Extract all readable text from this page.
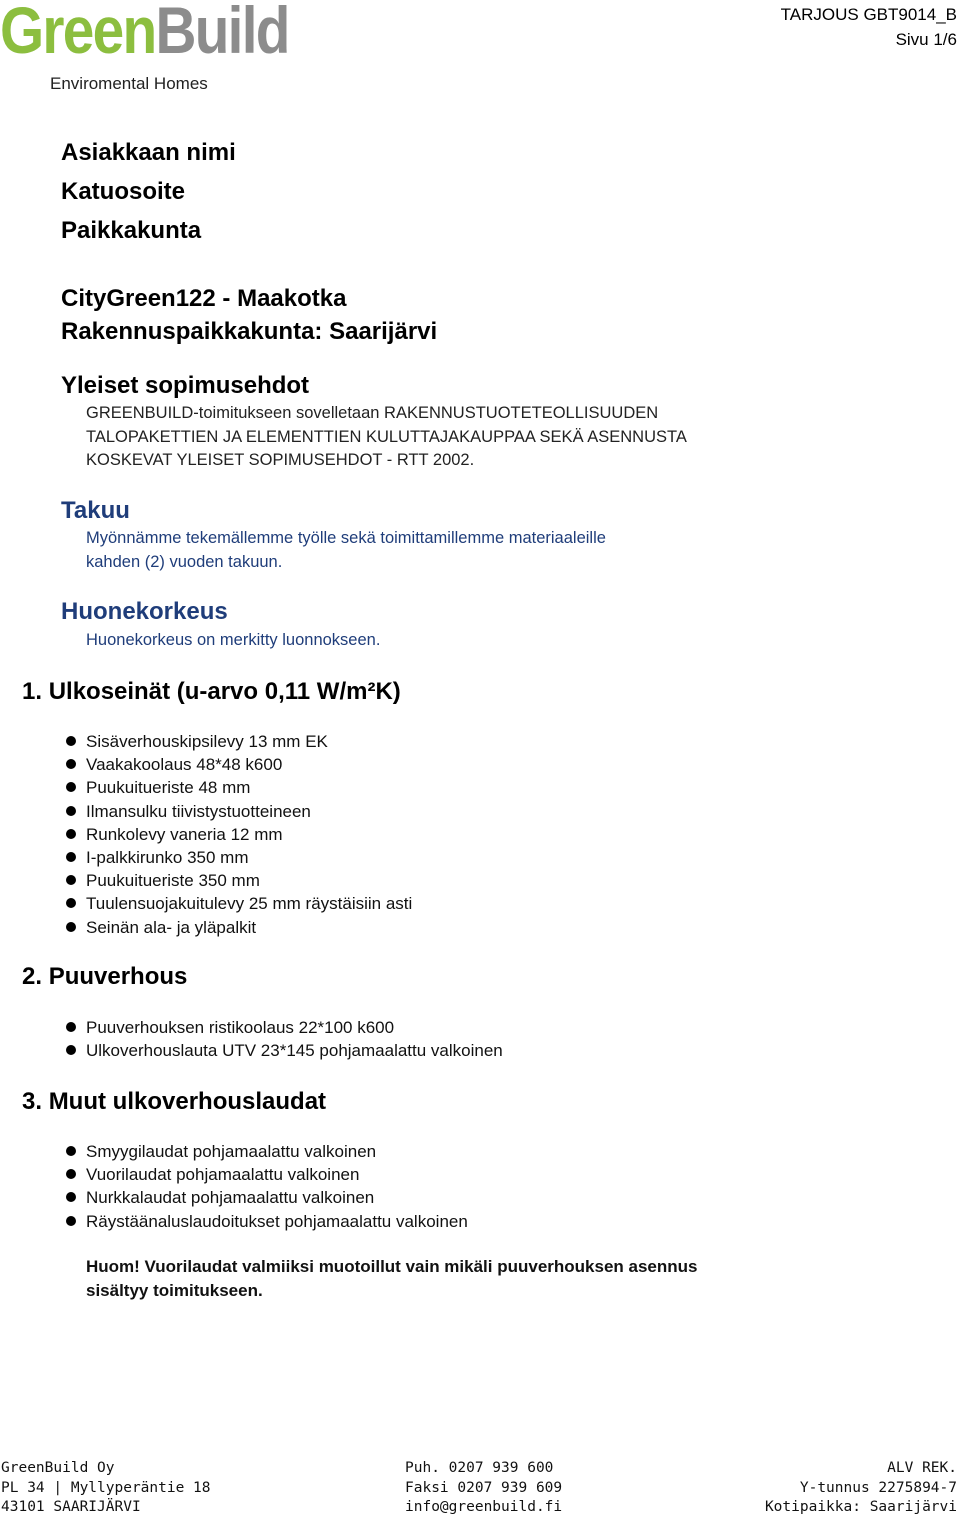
GreenBuild
Enviromental Homes
TARJOUS GBT9014_B
Sivu 1/6
Asiakkaan nimi
Katuosoite
Paikkakunta
CityGreen122 - Maakotka
Rakennuspaikkakunta: Saarijärvi
Yleiset sopimusehdot
GREENBUILD-toimitukseen sovelletaan RAKENNUSTUOTETEOLLISUUDEN
TALOPAKETTIEN JA ELEMENTTIEN KULUTTAJAKAUPPAA SEKÄ ASENNUSTA
KOSKEVAT YLEISET SOPIMUSEHDOT - RTT 2002.
Takuu
Myönnämme tekemällemme työlle sekä toimittamillemme materiaaleille
kahden (2) vuoden takuun.
Huonekorkeus
Huonekorkeus on merkitty luonnokseen.
1. Ulkoseinät (u-arvo 0,11 W/m²K)
Sisäverhouskipsilevy 13 mm EK
Vaakakoolaus 48*48 k600
Puukuitueriste 48 mm
Ilmansulku tiivistystuotteineen
Runkolevy vaneria 12 mm
I-palkkirunko 350 mm
Puukuitueriste 350 mm
Tuulensuojakuitulevy 25 mm räystäisiin asti
Seinän ala- ja yläpalkit
2. Puuverhous
Puuverhouksen ristikoolaus 22*100 k600
Ulkoverhouslauta UTV 23*145 pohjamaalattu valkoinen
3. Muut ulkoverhouslaudat
Smyygilaudat pohjamaalattu valkoinen
Vuorilaudat pohjamaalattu valkoinen
Nurkkalaudat pohjamaalattu valkoinen
Räystäänaluslaudoitukset pohjamaalattu valkoinen
Huom! Vuorilaudat valmiiksi muotoillut vain mikäli puuverhouksen asennus
sisältyy toimitukseen.
GreenBuild Oy
PL 34 | Myllyperäntie 18
43101 SAARIJÄRVI
Puh. 0207 939 600
Faksi 0207 939 609
info@greenbuild.fi
ALV REK.
Y-tunnus 2275894-7
Kotipaikka: Saarijärvi
